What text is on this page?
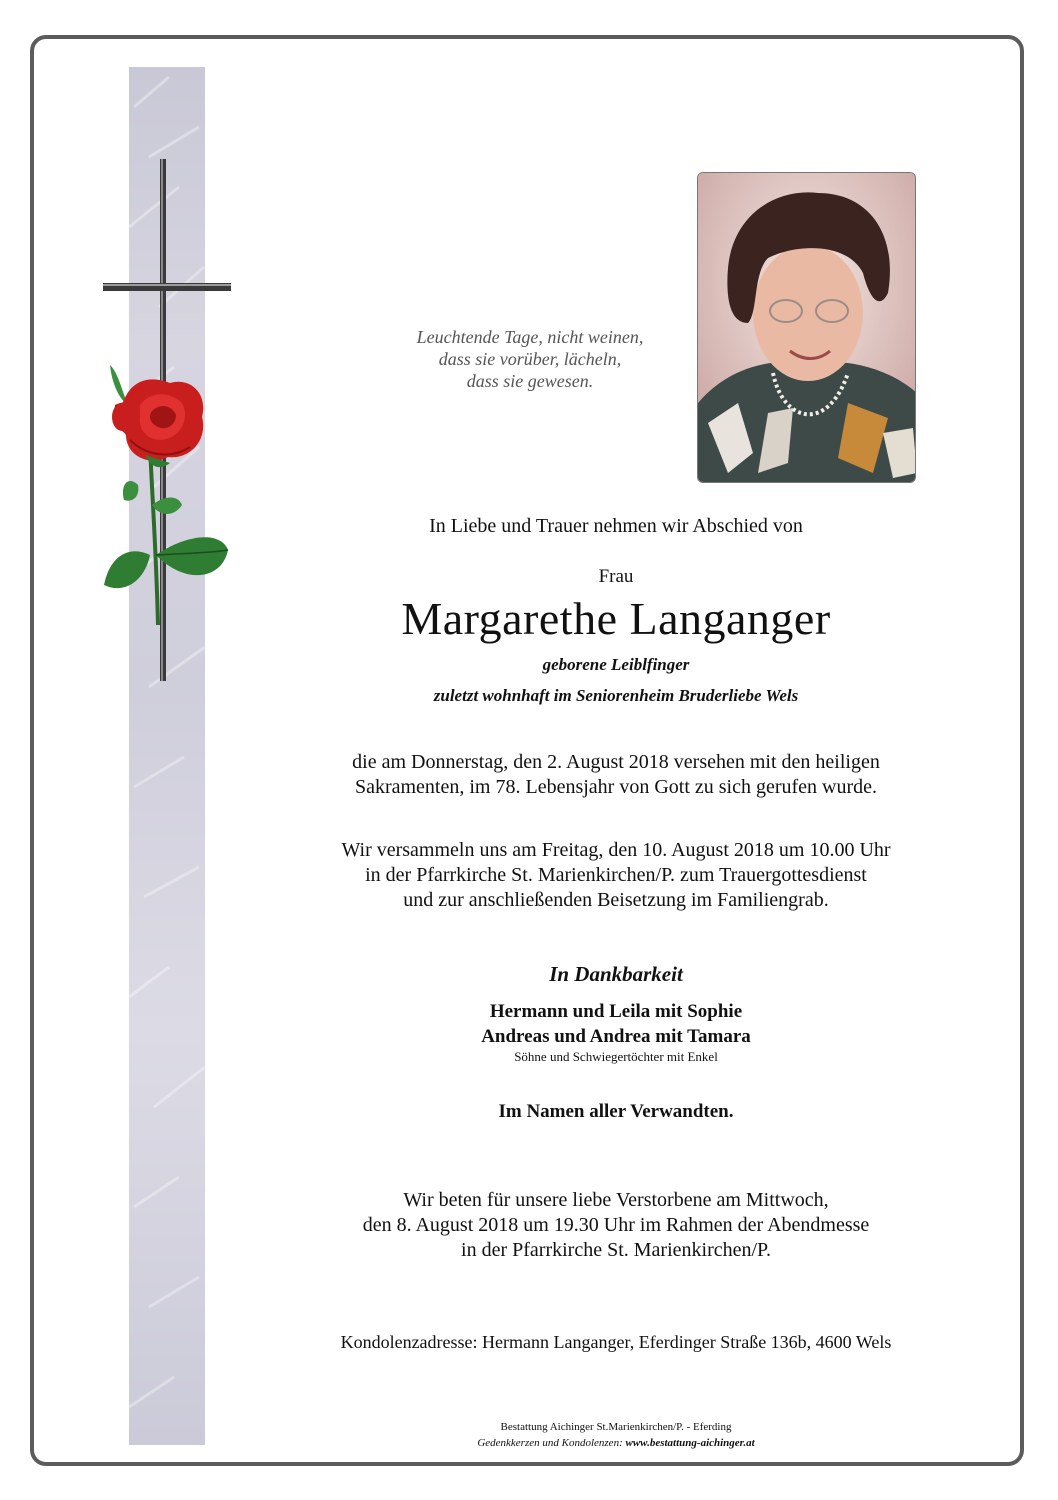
Leuchtende Tage, nicht weinen,
dass sie vorüber, lächeln,
dass sie gewesen.
In Liebe und Trauer nehmen wir Abschied von
Frau
Margarethe Langanger
geborene Leiblfinger
zuletzt wohnhaft im Seniorenheim Bruderliebe Wels
die am Donnerstag, den 2. August 2018 versehen mit den heiligen
Sakramenten, im 78. Lebensjahr von Gott zu sich gerufen wurde.
Wir versammeln uns am Freitag, den 10. August 2018 um 10.00 Uhr
in der Pfarrkirche St. Marienkirchen/P. zum Trauergottesdienst
und zur anschließenden Beisetzung im Familiengrab.
In Dankbarkeit
Hermann und Leila mit Sophie
Andreas und Andrea mit Tamara
Söhne und Schwiegertöchter mit Enkel
Im Namen aller Verwandten.
Wir beten für unsere liebe Verstorbene am Mittwoch,
den 8. August 2018 um 19.30 Uhr im Rahmen der Abendmesse
in der Pfarrkirche St. Marienkirchen/P.
Kondolenzadresse: Hermann Langanger, Eferdinger Straße 136b, 4600 Wels
Bestattung Aichinger St.Marienkirchen/P. - Eferding
Gedenkkerzen und Kondolenzen: www.bestattung-aichinger.at
